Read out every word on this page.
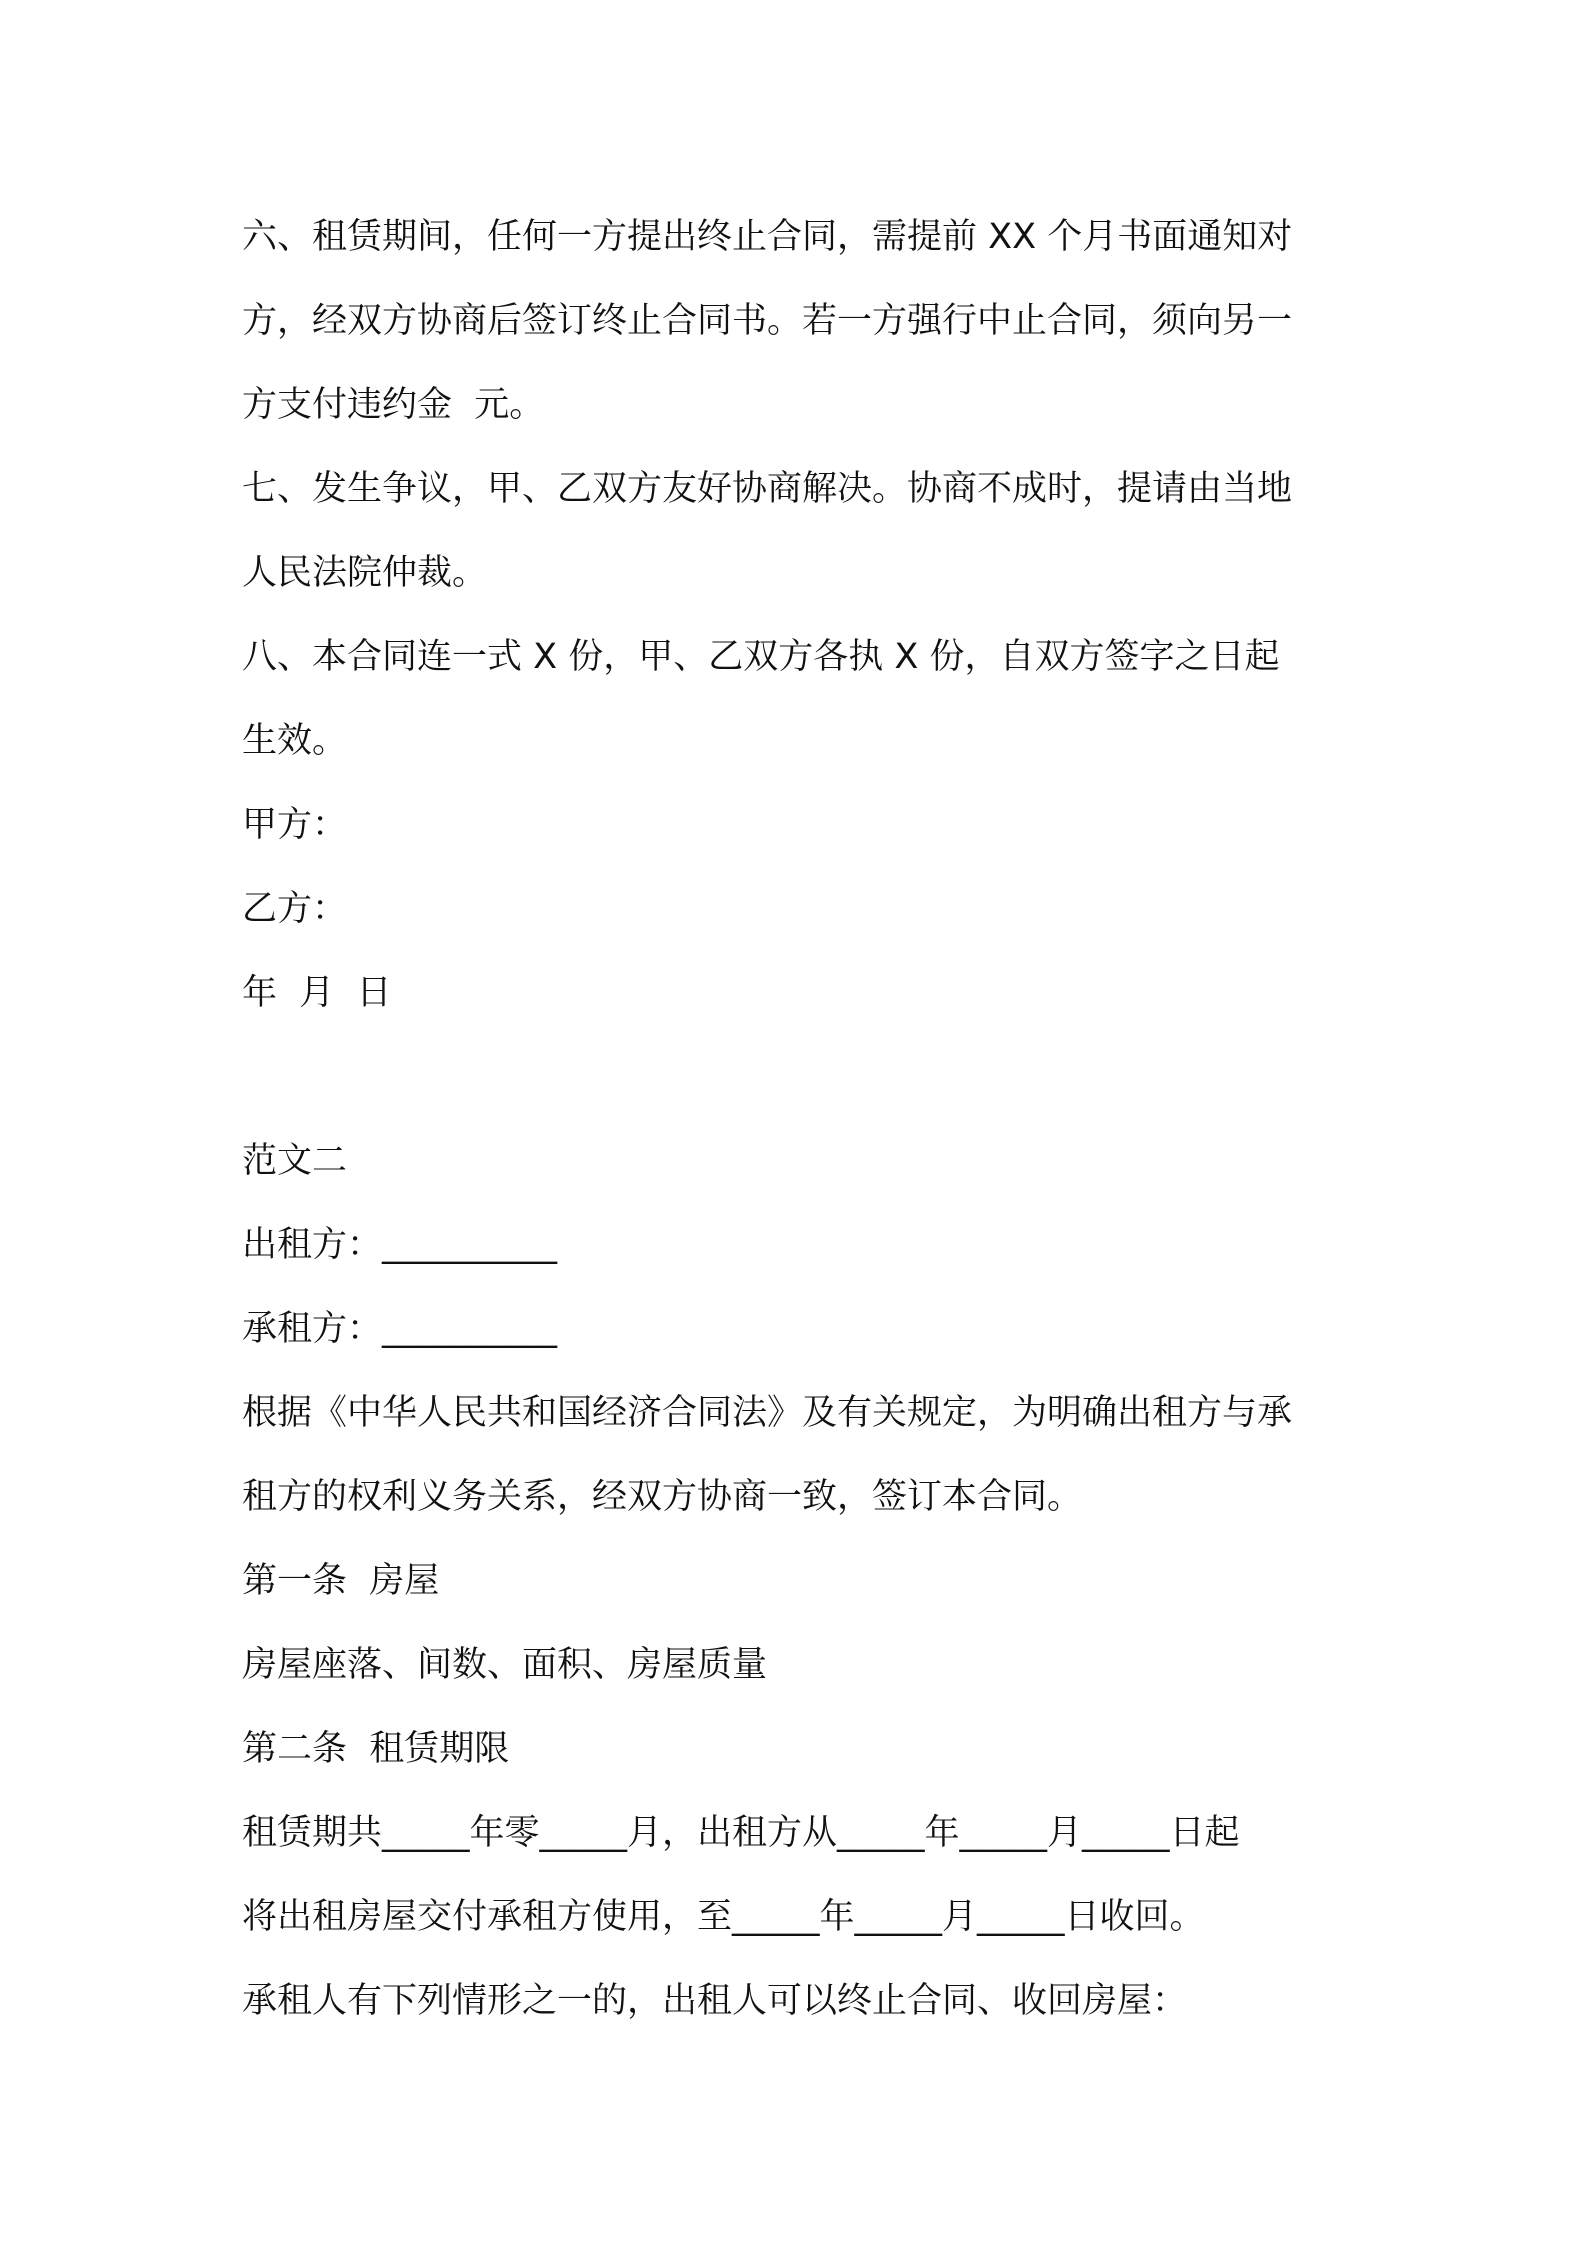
六、租赁期间，任何一方提出终止合同，需提前 XX 个月书面通知对
方，经双方协商后签订终止合同书。若一方强行中止合同，须向另一
方支付违约金  元。
七、发生争议，甲、乙双方友好协商解决。协商不成时，提请由当地
人民法院仲裁。
八、本合同连一式 X 份，甲、乙双方各执 X 份，自双方签字之日起
生效。
甲方：
乙方：
年  月  日
范文二
出租方：__________
承租方：__________
根据《中华人民共和国经济合同法》及有关规定，为明确出租方与承
租方的权利义务关系，经双方协商一致，签订本合同。
第一条  房屋
房屋座落、间数、面积、房屋质量
第二条  租赁期限
租赁期共_____年零_____月，出租方从_____年_____月_____日起
将出租房屋交付承租方使用，至_____年_____月_____日收回。
承租人有下列情形之一的，出租人可以终止合同、收回房屋：
